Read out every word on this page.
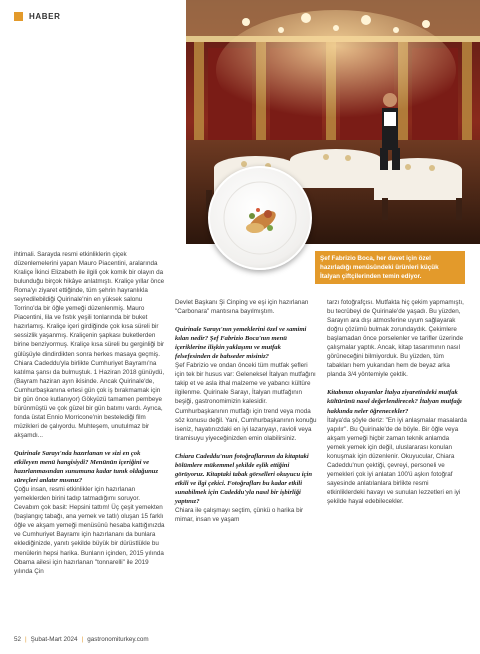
HABER
Şef Fabrizio Boca, her davet için özel hazırladığı menüsündeki ürünleri küçük İtalyan çiftçilerinden temin ediyor.

ihtimali. Sarayda resmi etkinliklerin çiçek düzenlemelerini yapan Mauro Piacentini, aralarında Kraliçe İkinci Elizabeth ile ilgili çok komik bir olayın da bulunduğu birçok hikâye anlatmıştı. Kraliçe yıllar önce Roma'yı ziyaret ettiğinde, tüm şehrin hayranlıkla seyredilebildiği Quirinale'nin en yüksek salonu Torrino'da bir öğle yemeği düzenlenmiş. Mauro Piacentini, lila ve fıstık yeşili tonlarında bir buket hazırlamış. Kraliçe içeri girdiğinde çok kısa süreli bir sessizlik yaşanmış. Kraliçenin şapkası buketlerden birine benziyormuş. Kraliçe kısa süreli bu gerginliği bir gülüşüyle dindirdikten sonra herkes masaya geçmiş. Chiara Cadeddu'yla birlikte Cumhuriyet Bayramı'na katılma şansı da bulmuştuk. 1 Haziran 2018 günüydü, (Bayram haziran ayın ikisinde. Ancak Quirinale'de, Cumhurbaşkanına ertesi gün çok iş bırakmamak için bir gün önce kutlanıyor) Gökyüzü tamamen pembeye bürünmüştü ve çok güzel bir gün batımı vardı. Ayrıca, fonda üstat Ennio Morricone'nin bestelediği film müzikleri de çalıyordu. Muhteşem, unutulmaz bir akşamdı...

Quirinale Sarayı'nda hazırlanan ve sizi en çok etkileyen menü hangisiydi? Menünün içeriğini ve hazırlanmasından sunumuna kadar tunık oldağunuz süreçleri anlatır mısınız?

Çoğu insan, resmi etkinlikler için hazırlanan yemeklerden birini tadıp tatmadığımı soruyor. Cevabım çok basit: Hepsini tattım! Üç çeşit yemekten (başlangıç tabağı, ana yemek ve tatlı) oluşan 15 farklı öğle ve akşam yemeği menüsünü hesaba kattığınızda ve Cumhuriyet Bayramı için hazırlananı da bunlara eklediğinizde, yanıtı şekilde büyük bir dürüstlükle bu menülerin hepsi harika. Bunların içinden, 2015 yılında Obama ailesi için hazırlanan "tonnarelli" ile 2019 yılında Çin

Devlet Başkanı Şi Cinping ve eşi için hazırlanan "Carbonara" mantısına bayılmıştım.

Quirinale Sarayı'nın yemeklerini özel ve samimi kılan nedir? Şef Fabrizio Boca'nın menü içeriklerine ilişkin yaklaşımı ve mutfak felsefesinden de bahseder misiniz?

Şef Fabrizio ve ondan önceki tüm mutfak şefleri için tek bir husus var: Geleneksel İtalyan mutfağını takip et ve asla ithal malzeme ve yabancı kültüre ilgilenme. Quirinale Sarayı, İtalyan mutfağının beşiği, gastronomimizin kalesidir. Cumhurbaşkanının mutfağı için trend veya moda söz konusu değil. Yani, Cumhurbaşkanının konuğu iseniz, hayatınızdaki en iyi lazanyayı, ravioli veya tiramisuyu yiyeceğinizden emin olabilirsiniz.

Chiara Cadeddu'nun fotoğraflarının da kitaptaki bölümlere mükemmel şekilde eşlik ettiğini görüyoruz. Kitaptaki tabak görselleri okuyucu için etkili ve ilgi çekici. Fotoğrafları bu kadar etkili sunabilmek için Cadeddu'yla nasıl bir işbirliği yaptınız?

Chiara ile çalışmayı seçtim, çünkü o harika bir mimar, insan ve yaşam

tarzı fotoğrafçısı. Mutfakta hiç çekim yapmamıştı, bu tecrübeyi de Quirinale'de yaşadı. Bu yüzden, Sarayın ara dışı atmosferine uyum sağlayarak doğru çözümü bulmak zorundaydık. Çekimlere başlamadan önce porselenler ve tarifler üzerinde çalışmalar yaptık. Ancak, kitap tasarımının nasıl görüneceğini bilmiyorduk. Bu yüzden, tüm tabakları hem yukarıdan hem de beyaz arka planda 3/4 yöntemiyle çektik.

Kitabınızı okuyanlar İtalya ziyaretindeki mutfak kültürünü nasıl değerlendirecek? İtalyan mutfağı hakkında neler öğrenecekler?

İtalya'da şöyle deriz: "En iyi anlaşmalar masalarda yapılır". Bu Quirinale'de de böyle. Bir öğle veya akşam yemeği hiçbir zaman teknik anlamda yemek yemek için değil, uluslararası konulan konuşmak için düzenlenir. Okuyucular, Chiara Cadeddu'nun çektiği, çevreyi, personeli ve yemekleri çok iyi anlatan 100'ü aşkın fotoğraf sayesinde anlatılanlara birlikte resmi etkinliklerdeki havayı ve sunulan lezzetleri en iyi şekilde hayal edebilecekler.

52 | Şubat-Mart 2024 | gastronomiturkey.com
